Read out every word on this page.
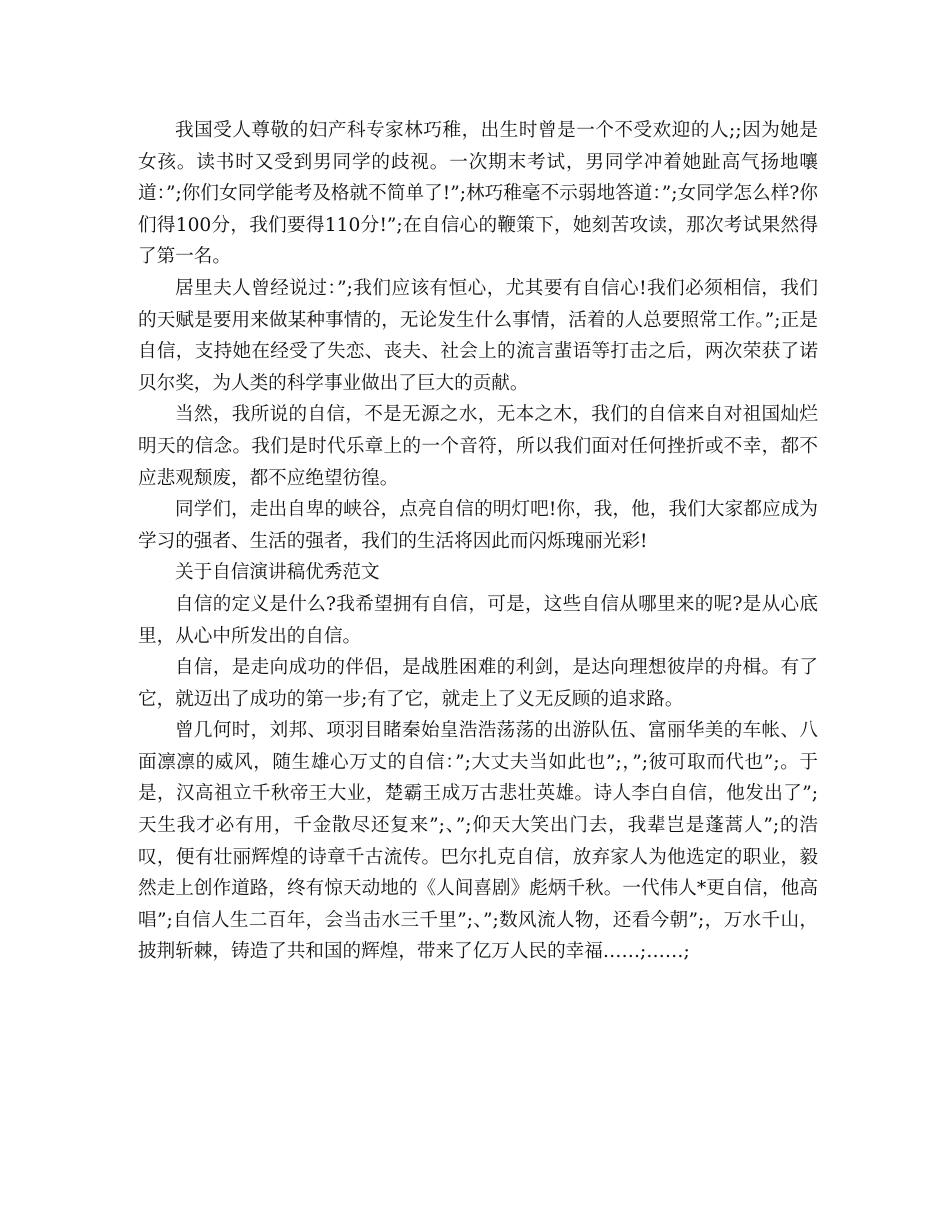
我国受人尊敬的妇产科专家林巧稚，出生时曾是一个不受欢迎的人;;因为她是女孩。读书时又受到男同学的歧视。一次期末考试，男同学冲着她趾高气扬地嚷道：”;你们女同学能考及格就不简单了!”;林巧稚毫不示弱地答道：”;女同学怎么样?你们得100分，我们要得110分!”;在自信心的鞭策下，她刻苦攻读，那次考试果然得了第一名。

居里夫人曾经说过：”;我们应该有恒心，尤其要有自信心!我们必须相信，我们的天赋是要用来做某种事情的，无论发生什么事情，活着的人总要照常工作。”;正是自信，支持她在经受了失恋、丧夫、社会上的流言蜚语等打击之后，两次荣获了诺贝尔奖，为人类的科学事业做出了巨大的贡献。

当然，我所说的自信，不是无源之水，无本之木，我们的自信来自对祖国灿烂明天的信念。我们是时代乐章上的一个音符，所以我们面对任何挫折或不幸，都不应悲观颓废，都不应绝望彷徨。

同学们，走出自卑的峡谷，点亮自信的明灯吧!你，我，他，我们大家都应成为学习的强者、生活的强者，我们的生活将因此而闪烁瑰丽光彩!

关于自信演讲稿优秀范文

自信的定义是什么?我希望拥有自信，可是，这些自信从哪里来的呢?是从心底里，从心中所发出的自信。

自信，是走向成功的伴侣，是战胜困难的利剑，是达向理想彼岸的舟楫。有了它，就迈出了成功的第一步;有了它，就走上了义无反顾的追求路。

曾几何时，刘邦、项羽目睹秦始皇浩浩荡荡的出游队伍、富丽华美的车帐、八面凛凛的威风，随生雄心万丈的自信：”;大丈夫当如此也”;，”;彼可取而代也”;。于是，汉高祖立千秋帝王大业，楚霸王成万古悲壮英雄。诗人李白自信，他发出了”;天生我才必有用，千金散尽还复来”;、”;仰天大笑出门去，我辈岂是蓬蒿人”;的浩叹，便有壮丽辉煌的诗章千古流传。巴尔扎克自信，放弃家人为他选定的职业，毅然走上创作道路，终有惊天动地的《人间喜剧》彪炳千秋。一代伟人*更自信，他高唱”;自信人生二百年，会当击水三千里”;、”;数风流人物，还看今朝”;，万水千山，披荆斩棘，铸造了共和国的辉煌，带来了亿万人民的幸福……;……;
